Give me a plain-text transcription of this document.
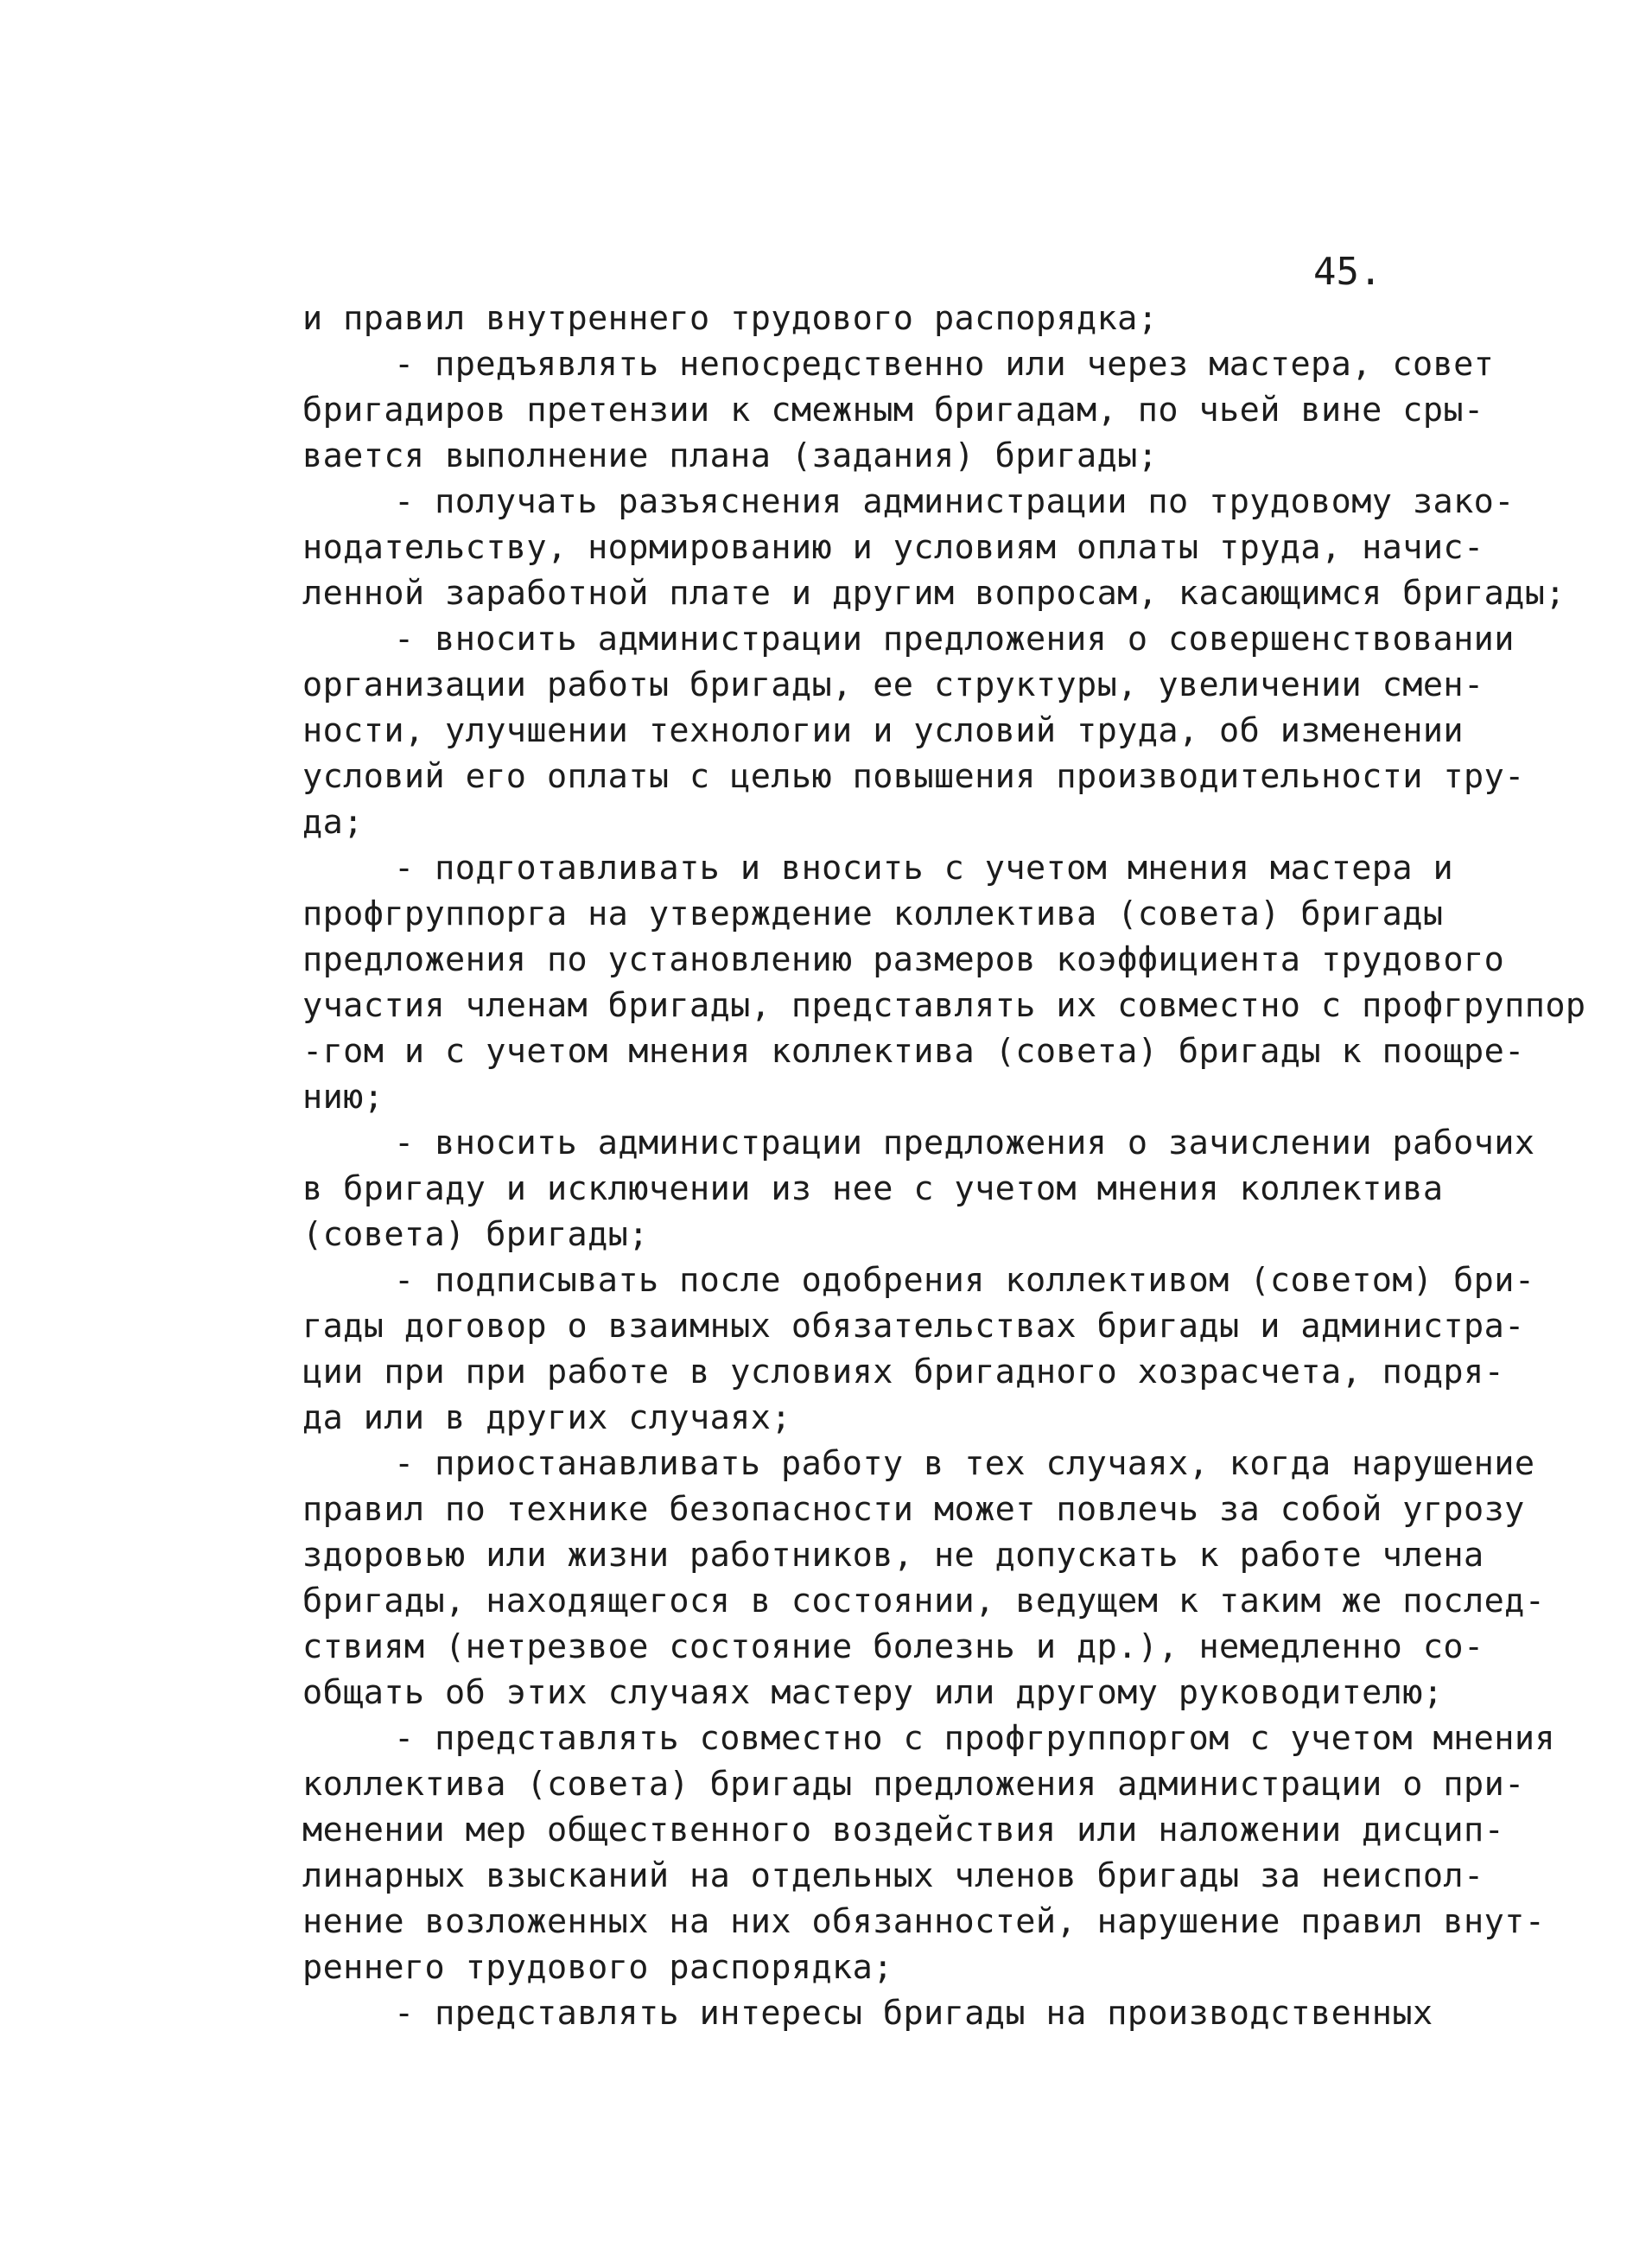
45.
и правил внутреннего трудового распорядка;
- предъявлять непосредственно или через мастера, совет
бригадиров претензии к смежным бригадам, по чьей вине сры-
вается выполнение плана (задания) бригады;
- получать разъяснения администрации по трудовому зако-
нодательству, нормированию и условиям оплаты труда, начис-
ленной заработной плате и другим вопросам, касающимся бригады;
- вносить администрации предложения о совершенствовании
организации работы бригады, ее структуры, увеличении смен-
ности, улучшении технологии и условий труда, об изменении
условий его оплаты с целью повышения производительности тру-
да;
- подготавливать и вносить с учетом мнения мастера и
профгруппорга на утверждение коллектива (совета) бригады
предложения по установлению размеров коэффициента трудового
участия членам бригады, представлять их совместно с профгруппор
-гом и с учетом мнения коллектива (совета) бригады к поощре-
нию;
- вносить администрации предложения о зачислении рабочих
в бригаду и исключении из нее с учетом мнения коллектива
(совета) бригады;
- подписывать после одобрения коллективом (советом) бри-
гады договор о взаимных обязательствах бригады и администра-
ции при при работе в условиях бригадного хозрасчета, подря-
да или в других случаях;
- приостанавливать работу в тех случаях, когда нарушение
правил по технике безопасности может повлечь за собой угрозу
здоровью или жизни работников, не допускать к работе члена
бригады, находящегося в состоянии, ведущем к таким же послед-
ствиям (нетрезвое состояние болезнь и др.), немедленно со-
общать об этих случаях мастеру или другому руководителю;
- представлять совместно с профгруппоргом с учетом мнения
коллектива (совета) бригады предложения администрации о при-
менении мер общественного воздействия или наложении дисцип-
линарных взысканий на отдельных членов бригады за неиспол-
нение возложенных на них обязанностей, нарушение правил внут-
реннего трудового распорядка;
- представлять интересы бригады на производственных
